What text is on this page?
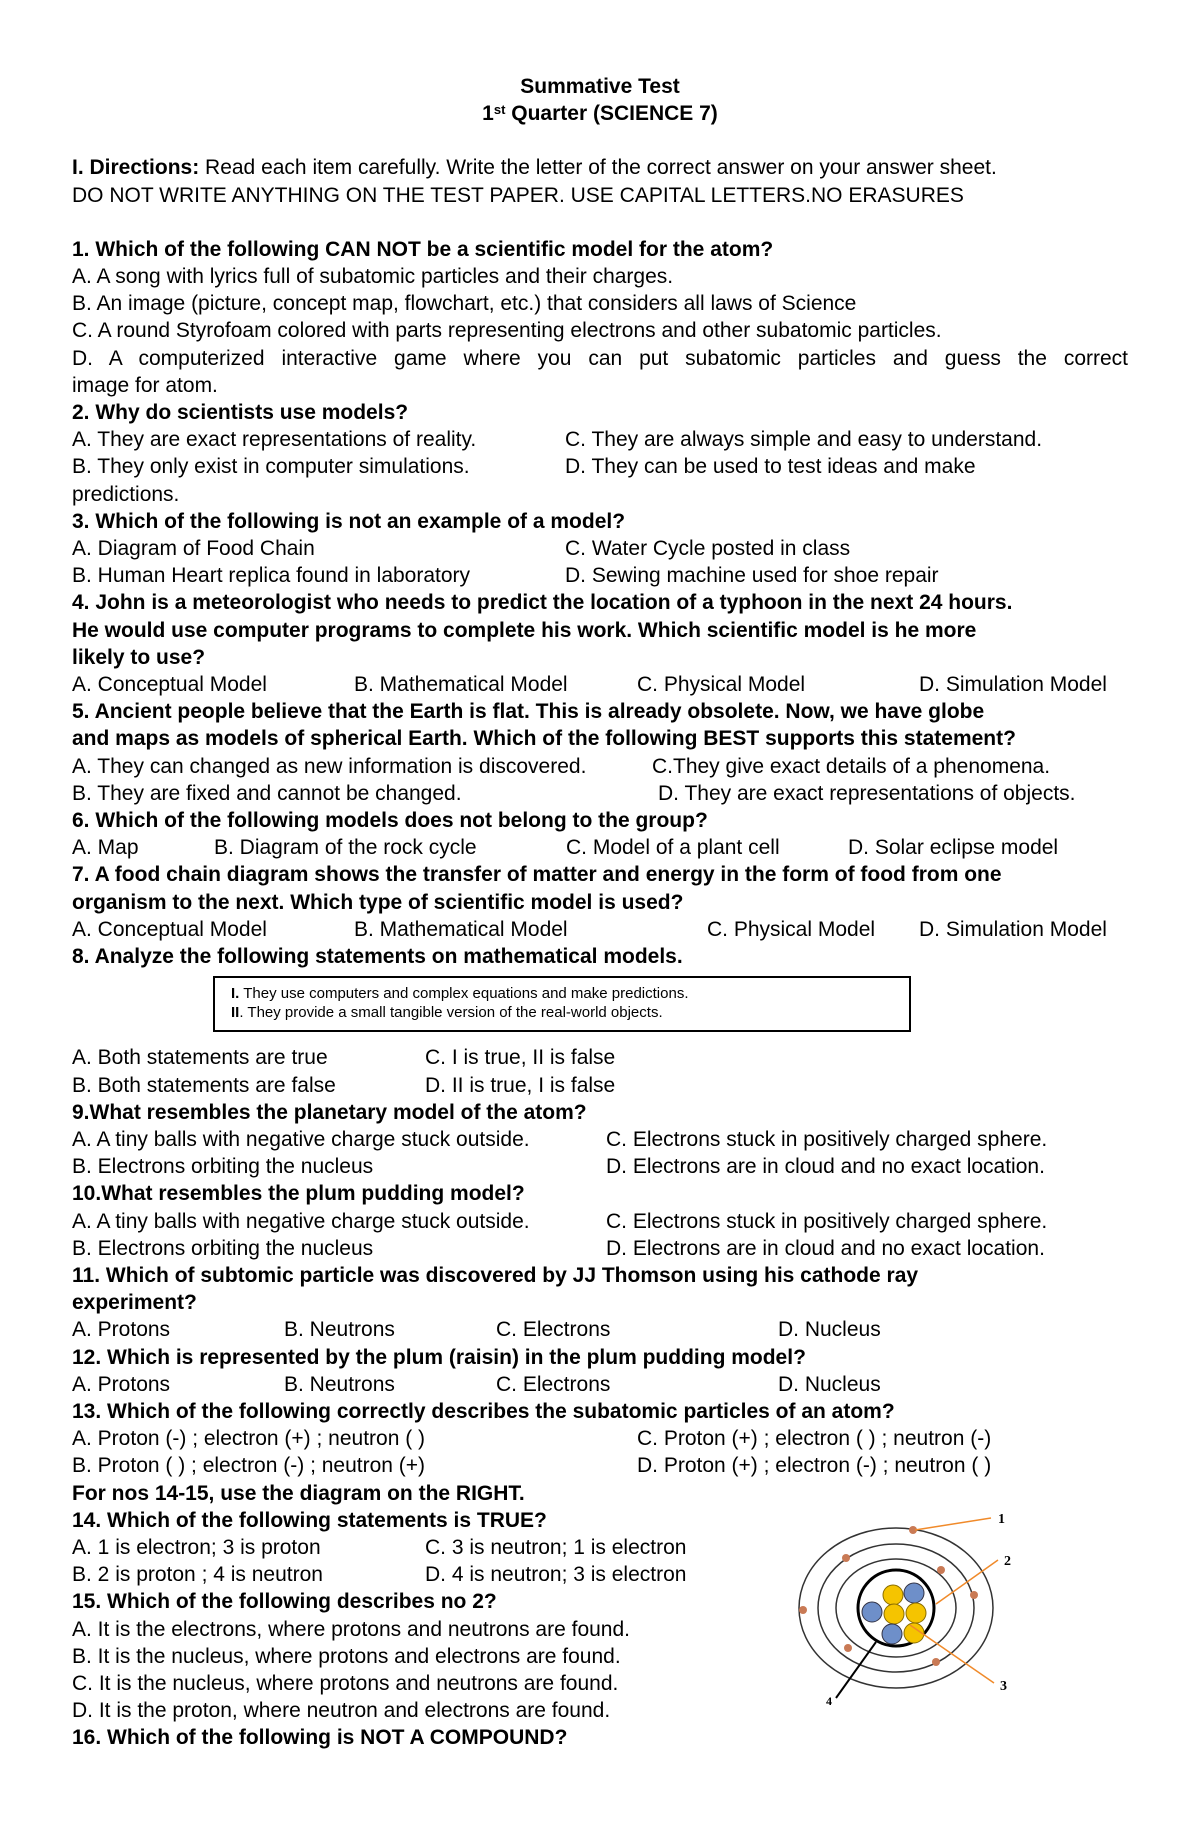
Summative Test

1st Quarter (SCIENCE 7)

I. Directions: Read each item carefully. Write the letter of the correct answer on your answer sheet.

DO NOT WRITE ANYTHING ON THE TEST PAPER. USE CAPITAL LETTERS.NO ERASURES

1. Which of the following CAN NOT be a scientific model for the atom?

A. A song with lyrics full of subatomic particles and their charges.

B. An image (picture, concept map, flowchart, etc.) that considers all laws of Science

C. A round Styrofoam colored with parts representing electrons and other subatomic particles.

D. A computerized interactive game where you can put subatomic particles and guess the correct

image for atom.

2. Why do scientists use models?

A. They are exact representations of reality.	C. They are always simple and easy to understand.
B. They only exist in computer simulations.	D. They can be used to test ideas and make

predictions.

3. Which of the following is not an example of a model?

A. Diagram of Food Chain	C. Water Cycle posted in class
B. Human Heart replica found in laboratory	D. Sewing machine used for shoe repair

4. John is a meteorologist who needs to predict the location of a typhoon in the next 24 hours.

He would use computer programs to complete his work. Which scientific model is he more

likely to use?

A. Conceptual Model	B. Mathematical Model	C. Physical Model	D. Simulation Model

5. Ancient people believe that the Earth is flat. This is already obsolete. Now, we have globe

and maps as models of spherical Earth. Which of the following BEST supports this statement?

A. They can changed as new information is discovered.	C.They give exact details of a phenomena.
B. They are fixed and cannot be changed.	D. They are exact representations of objects.

6. Which of the following models does not belong to the group?

A. Map	B. Diagram of the rock cycle	C. Model of a plant cell	D. Solar eclipse model

7. A food chain diagram shows the transfer of matter and energy in the form of food from one

organism to the next. Which type of scientific model is used?

A. Conceptual Model	B. Mathematical Model	C. Physical Model	D. Simulation Model

8. Analyze the following statements on mathematical models.

I. They use computers and complex equations and make predictions.
II. They provide a small tangible version of the real-world objects.
A. Both statements are true	C. I is true, II is false
B. Both statements are false	D. II is true, I is false

9.What resembles the planetary model of the atom?

A. A tiny balls with negative charge stuck outside.	C. Electrons stuck in positively charged sphere.
B. Electrons orbiting the nucleus	D. Electrons are in cloud and no exact location.

10.What resembles the plum pudding model?

A. A tiny balls with negative charge stuck outside.	C. Electrons stuck in positively charged sphere.
B. Electrons orbiting the nucleus	D. Electrons are in cloud and no exact location.

11. Which of subtomic particle was discovered by JJ Thomson using his cathode ray

experiment?

A. Protons	B. Neutrons	C. Electrons	D. Nucleus

12. Which is represented by the plum (raisin) in the plum pudding model?

A. Protons	B. Neutrons	C. Electrons	D. Nucleus

13. Which of the following correctly describes the subatomic particles of an atom?

A. Proton (-) ; electron (+) ; neutron ( )	C. Proton (+) ; electron ( ) ; neutron (-)
B. Proton ( ) ; electron (-) ; neutron (+)	D. Proton (+) ; electron (-) ; neutron ( )

For nos 14-15, use the diagram on the RIGHT.

14. Which of the following statements is TRUE?

A. 1 is electron; 3 is proton	C. 3 is neutron; 1 is electron
B. 2 is proton ; 4 is neutron	D. 4 is neutron; 3 is electron

15. Which of the following describes no 2?

A. It is the electrons, where protons and neutrons are found.

B. It is the nucleus, where protons and electrons are found.

C. It is the nucleus, where protons and neutrons are found.

D. It is the proton, where neutron and electrons are found.

16. Which of the following is NOT A COMPOUND?

1
2
3
4
